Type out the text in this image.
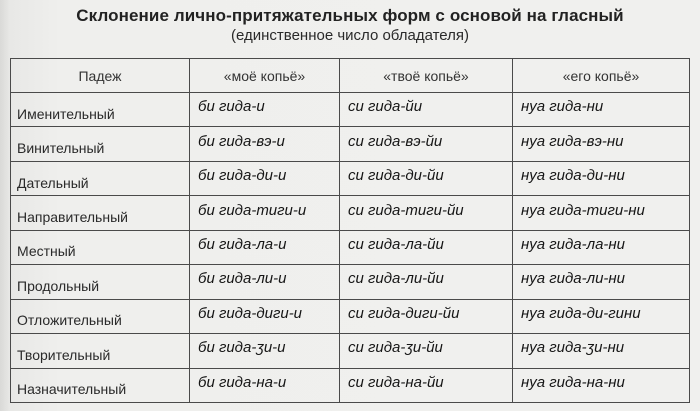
Склонение лично-притяжательных форм с основой на гласный
(единственное число обладателя)
Падеж	«моё копьё»	«твоё копьё»	«его копьё»
Именительный	би гида-и	си гида-йи	нуа гида-ни
Винительный	би гида-вэ-и	си гида-вэ-йи	нуа гида-вэ-ни
Дательный	би гида-ди-и	си гида-ди-йи	нуа гида-ди-ни
Направительный	би гида-тиги-и	си гида-тиги-йи	нуа гида-тиги-ни
Местный	би гида-ла-и	си гида-ла-йи	нуа гида-ла-ни
Продольный	би гида-ли-и	си гида-ли-йи	нуа гида-ли-ни
Отложительный	би гида-диги-и	си гида-диги-йи	нуа гида-ди-гини
Творительный	би гида-ӡи-и	си гида-ӡи-йи	нуа гида-ӡи-ни
Назначительный	би гида-на-и	си гида-на-йи	нуа гида-на-ни
